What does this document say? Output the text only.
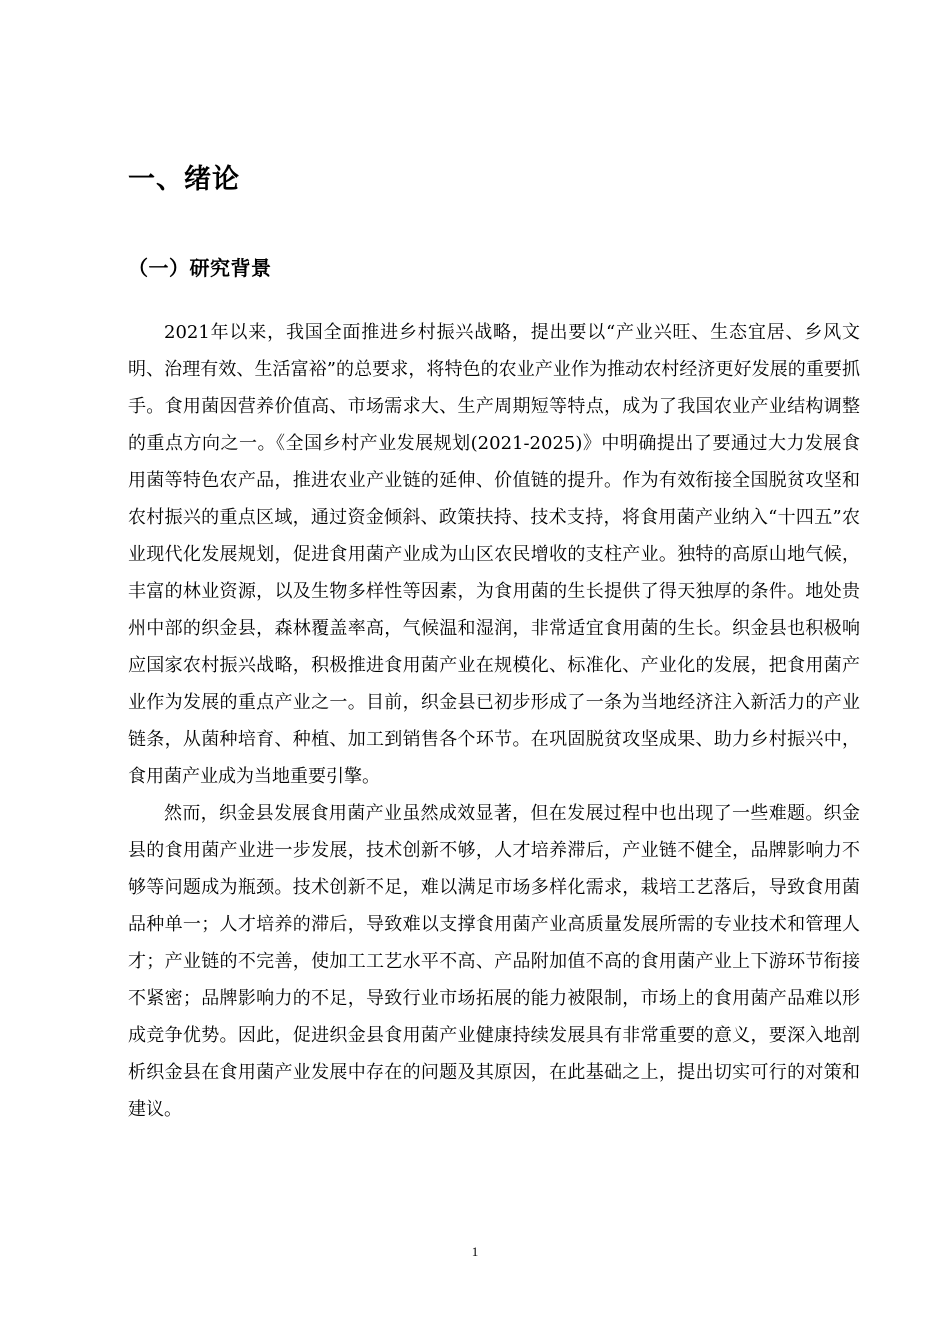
一、绪论
（一）研究背景

2021年以来，我国全面推进乡村振兴战略，提出要以“产业兴旺、生态宜居、乡风文明、治理有效、生活富裕”的总要求，将特色的农业产业作为推动农村经济更好发展的重要抓手。食用菌因营养价值高、市场需求大、生产周期短等特点，成为了我国农业产业结构调整的重点方向之一。《全国乡村产业发展规划(2021-2025)》中明确提出了要通过大力发展食用菌等特色农产品，推进农业产业链的延伸、价值链的提升。作为有效衔接全国脱贫攻坚和农村振兴的重点区域，通过资金倾斜、政策扶持、技术支持，将食用菌产业纳入“十四五”农业现代化发展规划，促进食用菌产业成为山区农民增收的支柱产业。独特的高原山地气候，丰富的林业资源，以及生物多样性等因素，为食用菌的生长提供了得天独厚的条件。地处贵州中部的织金县，森林覆盖率高，气候温和湿润，非常适宜食用菌的生长。织金县也积极响应国家农村振兴战略，积极推进食用菌产业在规模化、标准化、产业化的发展，把食用菌产业作为发展的重点产业之一。目前，织金县已初步形成了一条为当地经济注入新活力的产业链条，从菌种培育、种植、加工到销售各个环节。在巩固脱贫攻坚成果、助力乡村振兴中，食用菌产业成为当地重要引擎。

然而，织金县发展食用菌产业虽然成效显著，但在发展过程中也出现了一些难题。织金县的食用菌产业进一步发展，技术创新不够，人才培养滞后，产业链不健全，品牌影响力不够等问题成为瓶颈。技术创新不足，难以满足市场多样化需求，栽培工艺落后，导致食用菌品种单一；人才培养的滞后，导致难以支撑食用菌产业高质量发展所需的专业技术和管理人才；产业链的不完善，使加工工艺水平不高、产品附加值不高的食用菌产业上下游环节衔接不紧密；品牌影响力的不足，导致行业市场拓展的能力被限制，市场上的食用菌产品难以形成竞争优势。因此，促进织金县食用菌产业健康持续发展具有非常重要的意义，要深入地剖析织金县在食用菌产业发展中存在的问题及其原因，在此基础之上，提出切实可行的对策和建议。

1
